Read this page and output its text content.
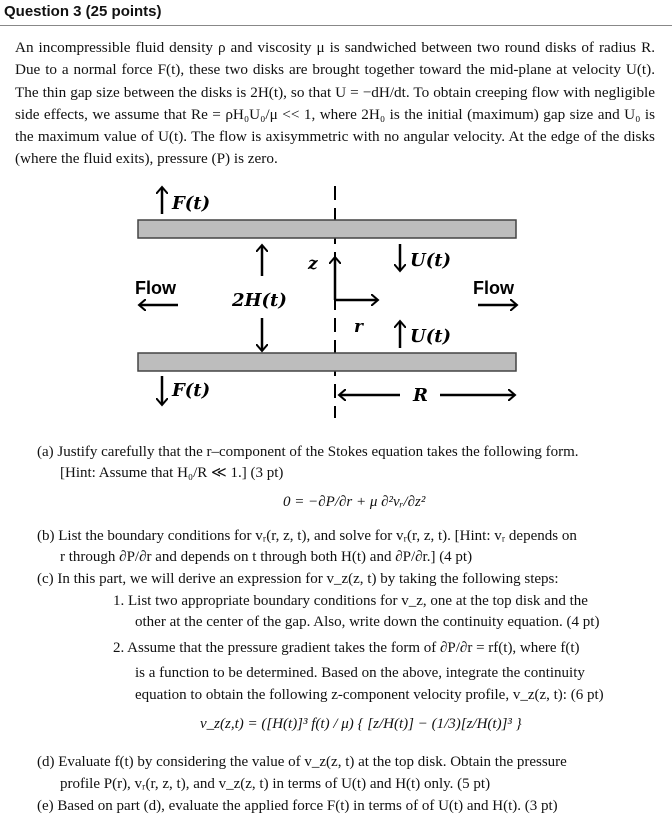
Question 3 (25 points)
An incompressible fluid density ρ and viscosity μ is sandwiched between two round disks of radius R. Due to a normal force F(t), these two disks are brought together toward the mid-plane at velocity U(t). The thin gap size between the disks is 2H(t), so that U = −dH/dt. To obtain creeping flow with negligible side effects, we assume that Re = ρH₀U₀/μ << 1, where 2H₀ is the initial (maximum) gap size and U₀ is the maximum value of U(t). The flow is axisymmetric with no angular velocity. At the edge of the disks (where the fluid exits), pressure (P) is zero.
F(t)
F(t)
Flow	Flow
2H(t)
z
r
U(t)
U(t)
R
(a) Justify carefully that the r–component of the Stokes equation takes the following form.
[Hint: Assume that H₀/R ≪ 1.] (3 pt)
0 = −∂P/∂r + μ ∂²vᵣ/∂z²
(b) List the boundary conditions for vᵣ(r, z, t), and solve for vᵣ(r, z, t). [Hint: vᵣ depends on
r through ∂P/∂r and depends on t through both H(t) and ∂P/∂r.] (4 pt)
(c) In this part, we will derive an expression for v_z(z, t) by taking the following steps:
1. List two appropriate boundary conditions for v_z, one at the top disk and the
other at the center of the gap. Also, write down the continuity equation. (4 pt)
2. Assume that the pressure gradient takes the form of ∂P/∂r = rf(t), where f(t)
is a function to be determined. Based on the above, integrate the continuity
equation to obtain the following z-component velocity profile, v_z(z, t): (6 pt)
v_z(z,t) = ([H(t)]³ f(t) / μ) { [z/H(t)] − (1/3)[z/H(t)]³ }
(d) Evaluate f(t) by considering the value of v_z(z, t) at the top disk. Obtain the pressure
profile P(r), vᵣ(r, z, t), and v_z(z, t) in terms of U(t) and H(t) only. (5 pt)
(e) Based on part (d), evaluate the applied force F(t) in terms of of U(t) and H(t). (3 pt)
